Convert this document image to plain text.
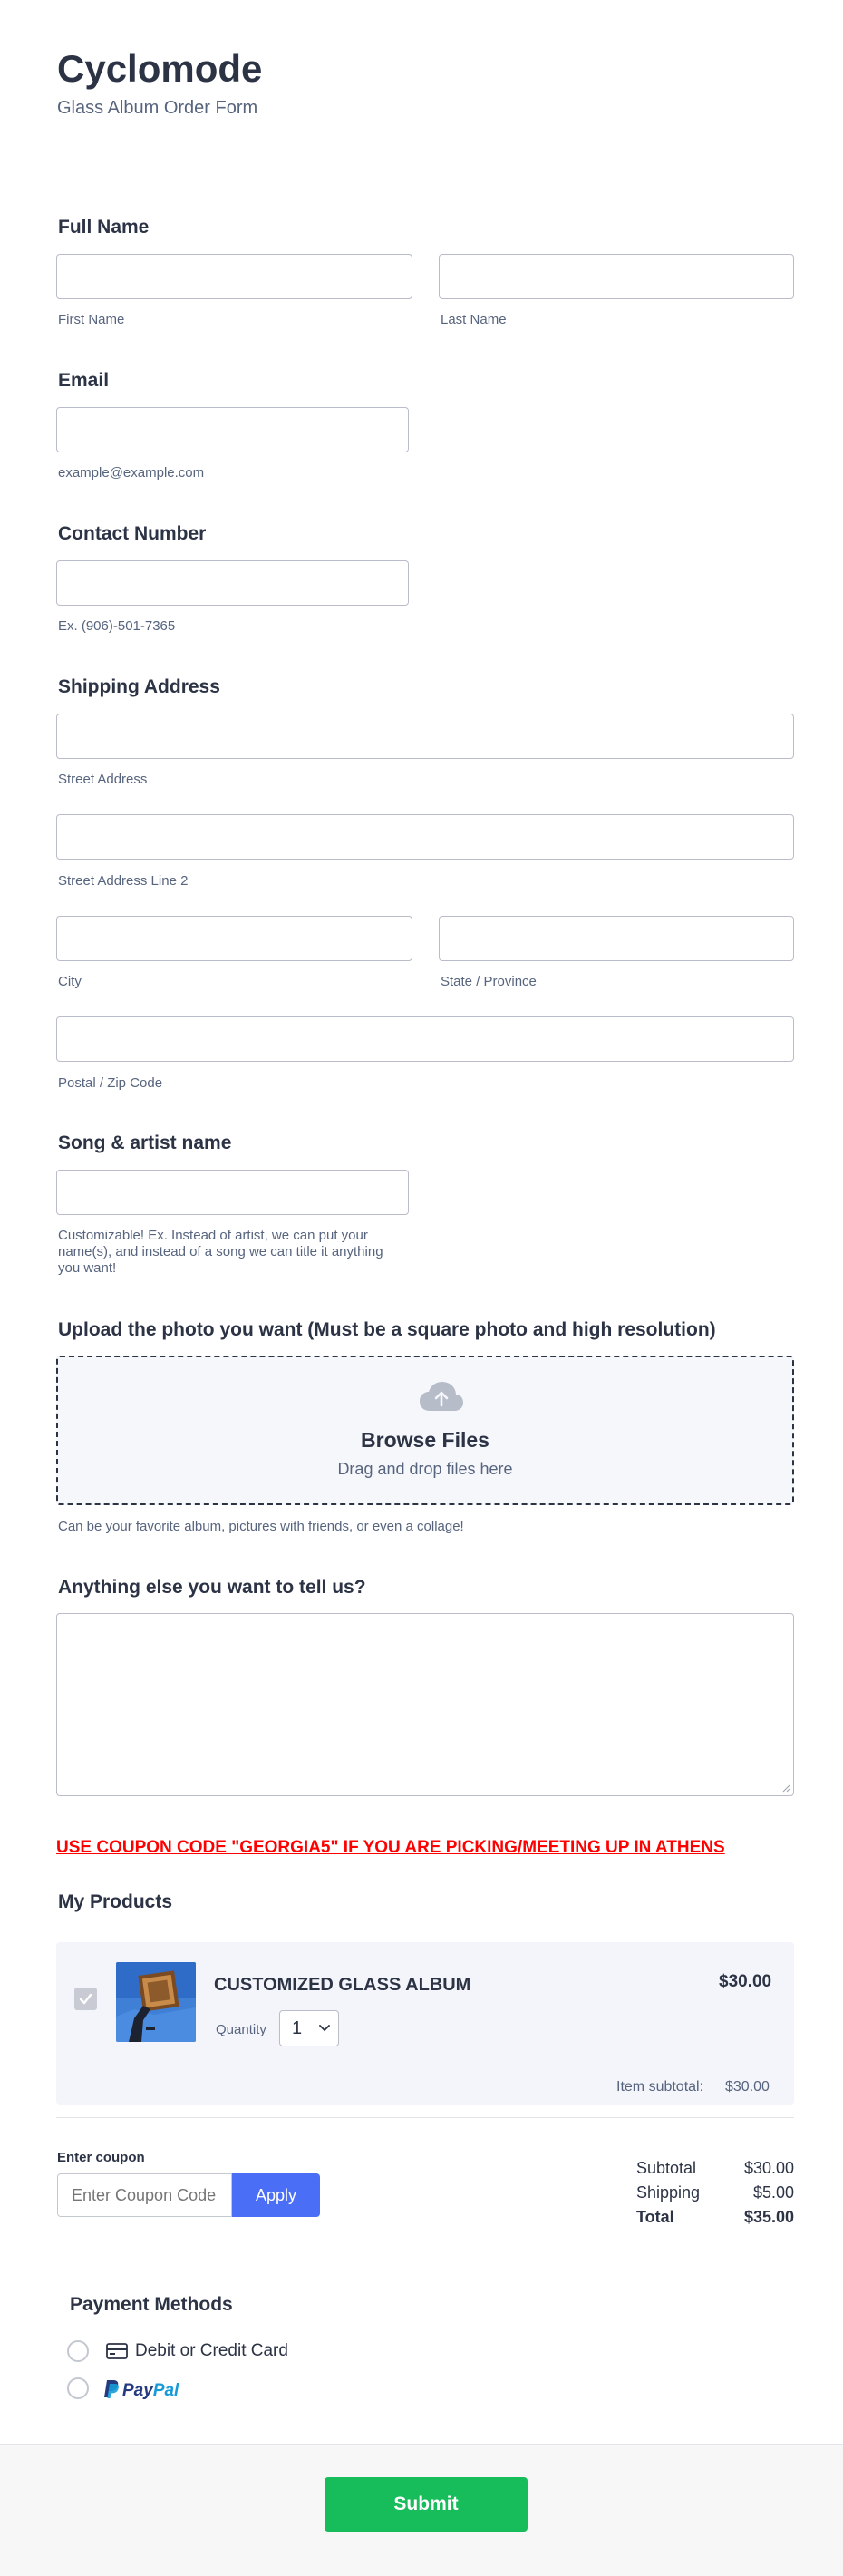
Cyclomode
Glass Album Order Form
Full Name
First Name	Last Name
Email
example@example.com
Contact Number
Ex. (906)-501-7365
Shipping Address
Street Address
Street Address Line 2
City	State / Province
Postal / Zip Code
Song & artist name
Customizable! Ex. Instead of artist, we can put your
name(s), and instead of a song we can title it anything
you want!
Upload the photo you want (Must be a square photo and high resolution)
Browse Files
Drag and drop files here
Can be your favorite album, pictures with friends, or even a collage!
Anything else you want to tell us?
USE COUPON CODE "GEORGIA5" IF YOU ARE PICKING/MEETING UP IN ATHENS
My Products
CUSTOMIZED GLASS ALBUM	$30.00
Quantity 1
Item subtotal: $30.00
Enter coupon
Enter Coupon Code
Apply
Subtotal	$30.00
Shipping	$5.00
Total	$35.00
Payment Methods
Debit or Credit Card
PayPal
Submit
